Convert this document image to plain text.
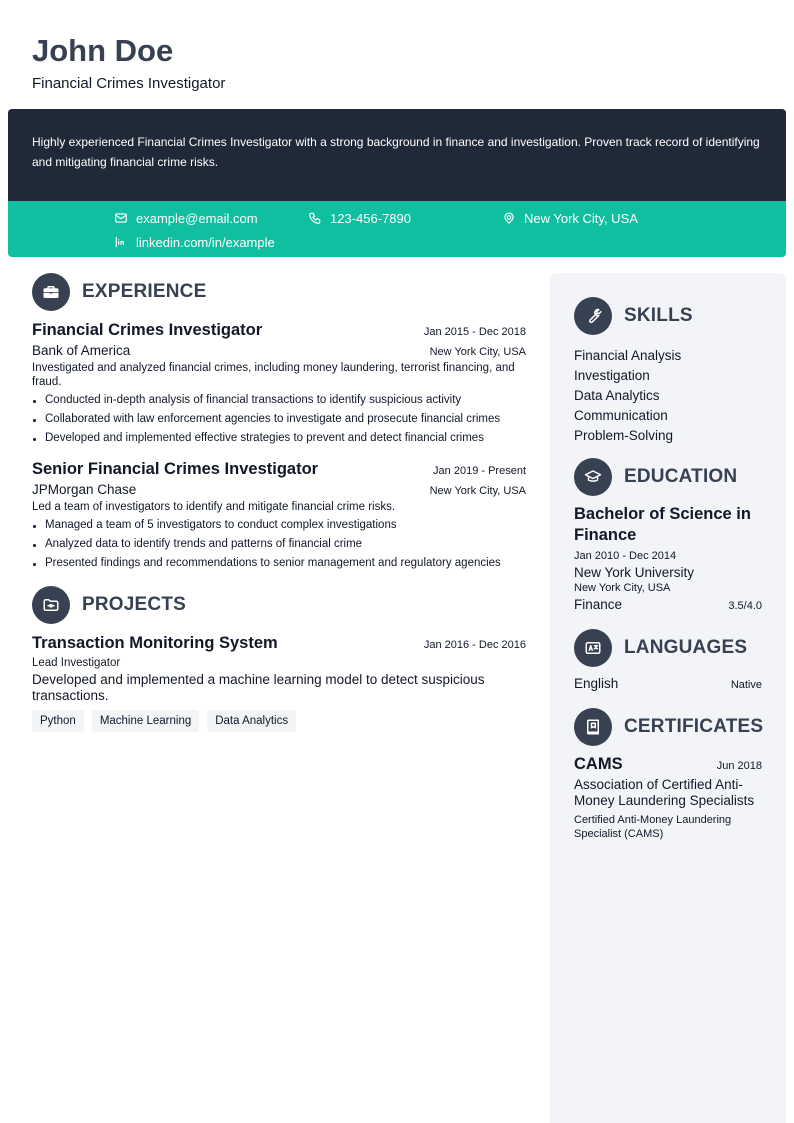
John Doe
Financial Crimes Investigator
Highly experienced Financial Crimes Investigator with a strong background in finance and investigation. Proven track record of identifying and mitigating financial crime risks.
example@email.com	123-456-7890	New York City, USA
linkedin.com/in/example
EXPERIENCE
Financial Crimes Investigator	Jan 2015 - Dec 2018
Bank of America	New York City, USA
Investigated and analyzed financial crimes, including money laundering, terrorist financing, and fraud.
Conducted in-depth analysis of financial transactions to identify suspicious activity
Collaborated with law enforcement agencies to investigate and prosecute financial crimes
Developed and implemented effective strategies to prevent and detect financial crimes
Senior Financial Crimes Investigator	Jan 2019 - Present
JPMorgan Chase	New York City, USA
Led a team of investigators to identify and mitigate financial crime risks.
Managed a team of 5 investigators to conduct complex investigations
Analyzed data to identify trends and patterns of financial crime
Presented findings and recommendations to senior management and regulatory agencies
PROJECTS
Transaction Monitoring System	Jan 2016 - Dec 2016
Lead Investigator
Developed and implemented a machine learning model to detect suspicious transactions.
Python	Machine Learning	Data Analytics
SKILLS
Financial Analysis
Investigation
Data Analytics
Communication
Problem-Solving
EDUCATION
Bachelor of Science in Finance
Jan 2010 - Dec 2014
New York University
New York City, USA
Finance	3.5/4.0
LANGUAGES
English	Native
CERTIFICATES
CAMS	Jun 2018
Association of Certified Anti-Money Laundering Specialists
Certified Anti-Money Laundering Specialist (CAMS)
